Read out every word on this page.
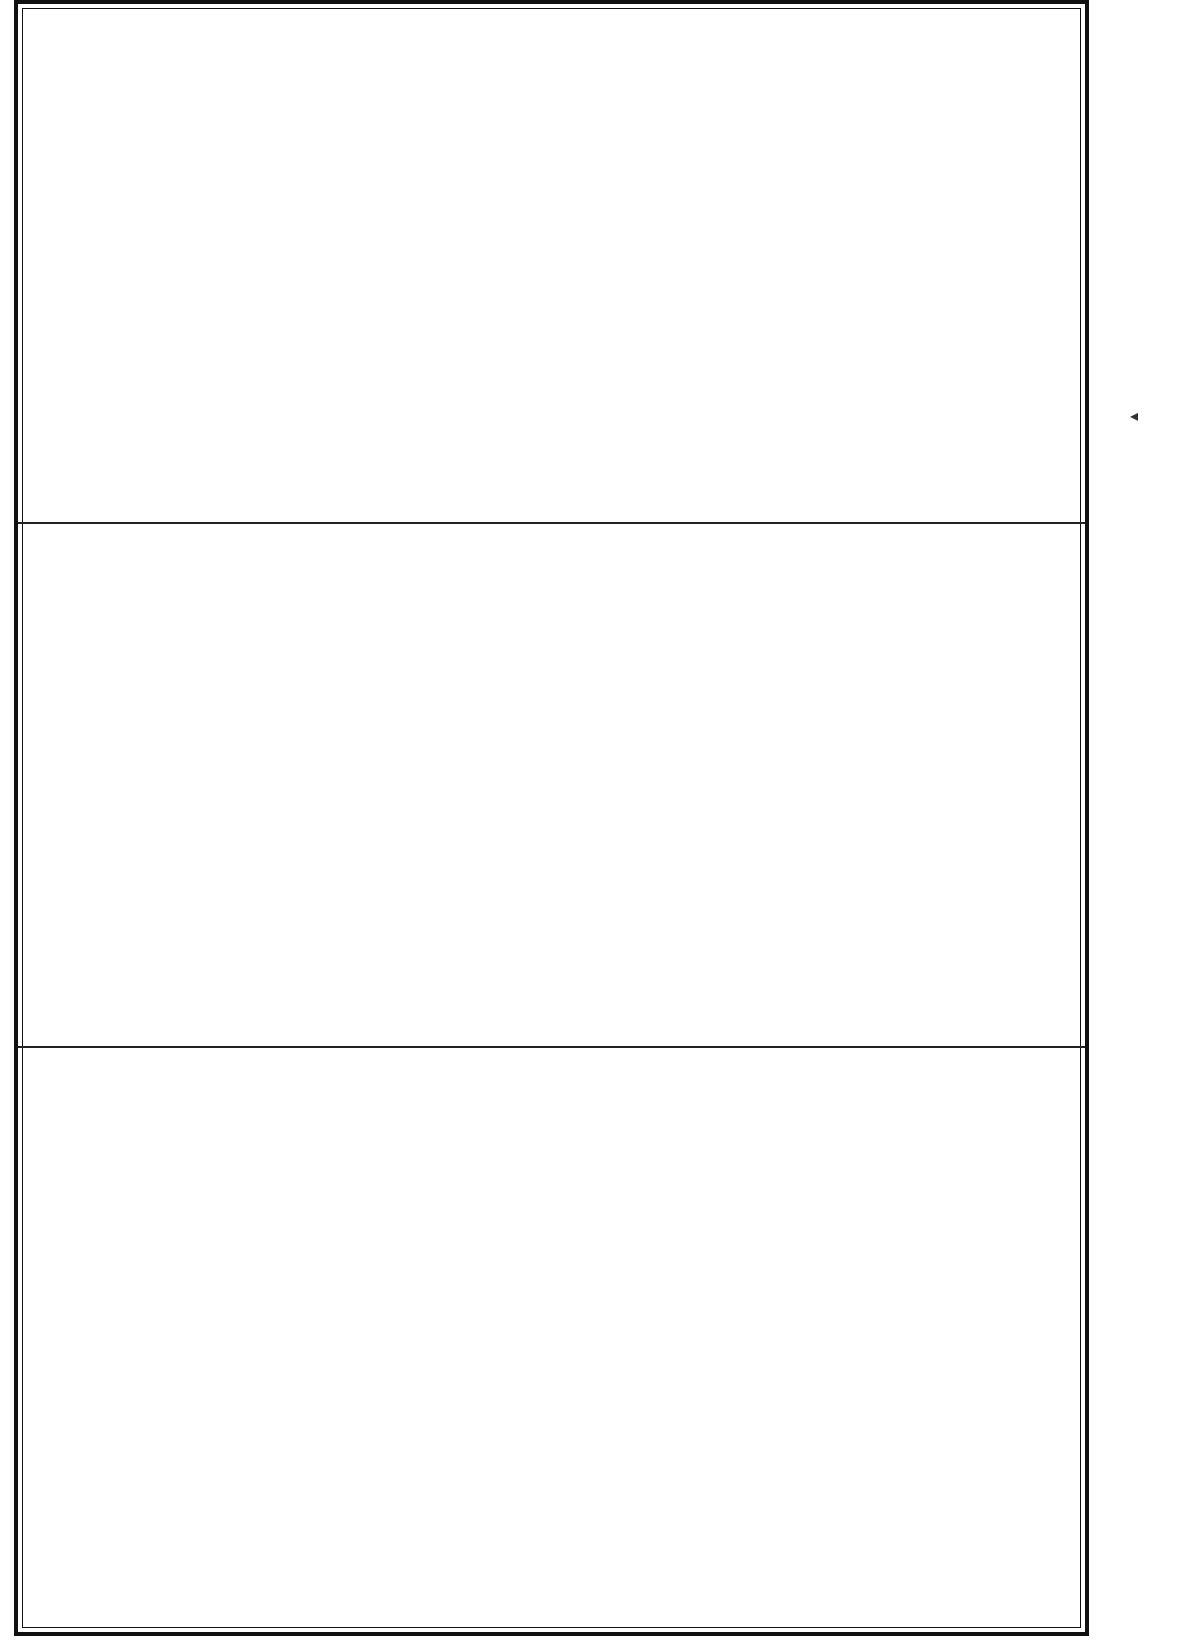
◂
